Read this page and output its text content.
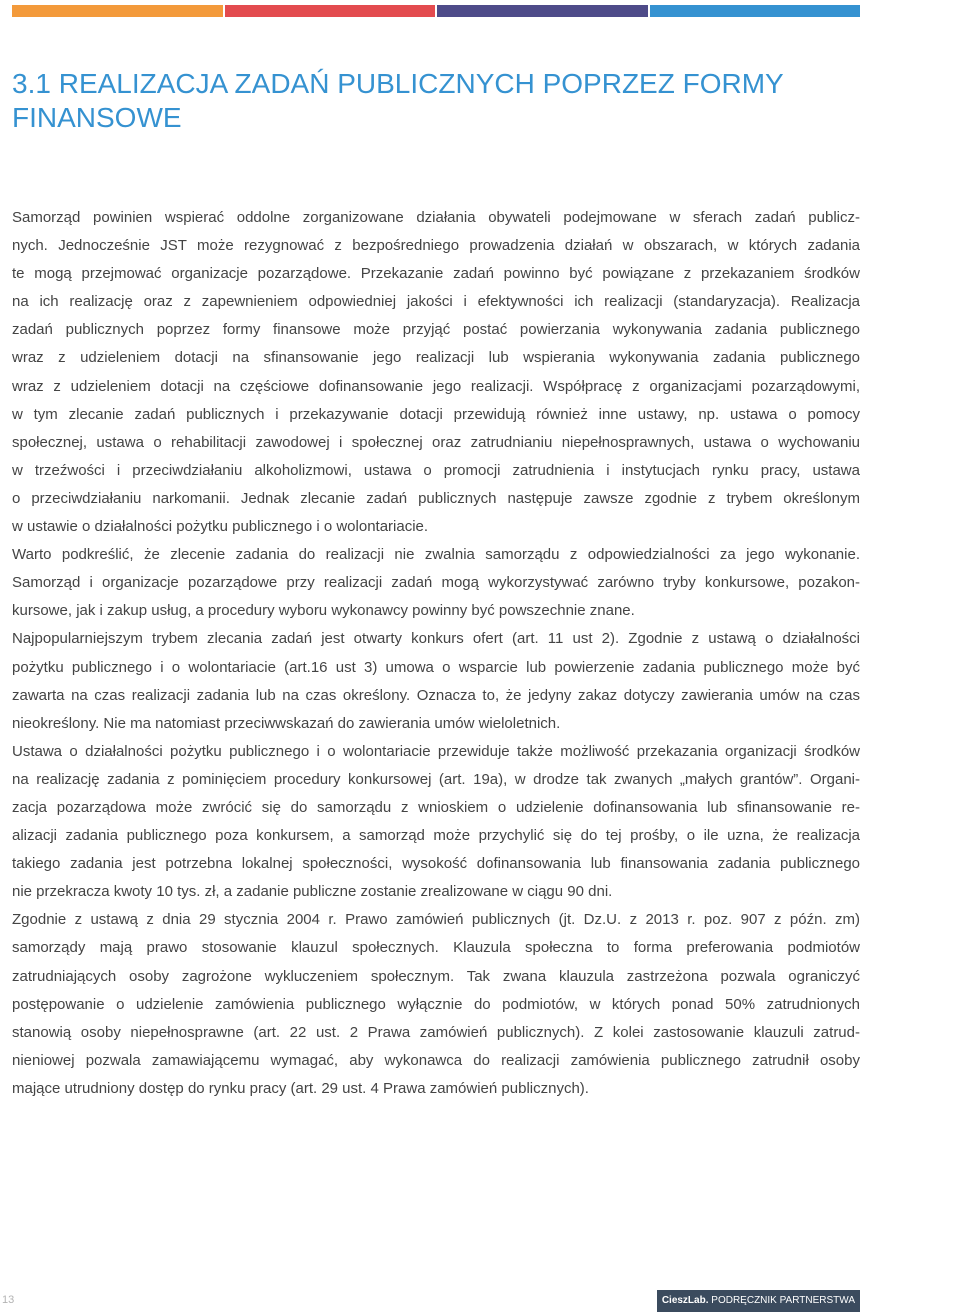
3.1 REALIZACJA ZADAŃ PUBLICZNYCH POPRZEZ FORMY FINANSOWE
Samorząd powinien wspierać oddolne zorganizowane działania obywateli podejmowane w sferach zadań publicz-
nych. Jednocześnie JST może rezygnować z bezpośredniego prowadzenia działań w obszarach, w których zadania
te mogą przejmować organizacje pozarządowe. Przekazanie zadań powinno być powiązane z przekazaniem środków
na ich realizację oraz z zapewnieniem odpowiedniej jakości i efektywności ich realizacji (standaryzacja). Realizacja
zadań publicznych poprzez formy finansowe może przyjąć postać powierzania wykonywania zadania publicznego
wraz z udzieleniem dotacji na sfinansowanie jego realizacji lub wspierania wykonywania zadania publicznego
wraz z udzieleniem dotacji na częściowe dofinansowanie jego realizacji. Współpracę z organizacjami pozarządowymi,
w tym zlecanie zadań publicznych i przekazywanie dotacji przewidują również inne ustawy, np. ustawa o pomocy
społecznej, ustawa o rehabilitacji zawodowej i społecznej oraz zatrudnianiu niepełnosprawnych, ustawa o wychowaniu
w trzeźwości i przeciwdziałaniu alkoholizmowi, ustawa o promocji zatrudnienia i instytucjach rynku pracy, ustawa
o przeciwdziałaniu narkomanii. Jednak zlecanie zadań publicznych następuje zawsze zgodnie z trybem określonym
w ustawie o działalności pożytku publicznego i o wolontariacie.
Warto podkreślić, że zlecenie zadania do realizacji nie zwalnia samorządu z odpowiedzialności za jego wykonanie.
Samorząd i organizacje pozarządowe przy realizacji zadań mogą wykorzystywać zarówno tryby konkursowe, pozakon-
kursowe, jak i zakup usług, a procedury wyboru wykonawcy powinny być powszechnie znane.
Najpopularniejszym trybem zlecania zadań jest otwarty konkurs ofert (art. 11 ust 2). Zgodnie z ustawą o działalności
pożytku publicznego i o wolontariacie (art.16 ust 3) umowa o wsparcie lub powierzenie zadania publicznego może być
zawarta na czas realizacji zadania lub na czas określony. Oznacza to, że jedyny zakaz dotyczy zawierania umów na czas
nieokreślony. Nie ma natomiast przeciwwskazań do zawierania umów wieloletnich.
Ustawa o działalności pożytku publicznego i o wolontariacie przewiduje także możliwość przekazania organizacji środków
na realizację zadania z pominięciem procedury konkursowej (art. 19a), w drodze tak zwanych „małych grantów”. Organi-
zacja pozarządowa może zwrócić się do samorządu z wnioskiem o udzielenie dofinansowania lub sfinansowanie re-
alizacji zadania publicznego poza konkursem, a samorząd może przychylić się do tej prośby, o ile uzna, że realizacja
takiego zadania jest potrzebna lokalnej społeczności, wysokość dofinansowania lub finansowania zadania publicznego
nie przekracza kwoty 10 tys. zł, a zadanie publiczne zostanie zrealizowane w ciągu 90 dni.
Zgodnie z ustawą z dnia 29 stycznia 2004 r. Prawo zamówień publicznych (jt. Dz.U. z 2013 r. poz. 907 z późn. zm)
samorządy mają prawo stosowanie klauzul społecznych. Klauzula społeczna to forma preferowania podmiotów
zatrudniających osoby zagrożone wykluczeniem społecznym. Tak zwana klauzula zastrzeżona pozwala ograniczyć
postępowanie o udzielenie zamówienia publicznego wyłącznie do podmiotów, w których ponad 50% zatrudnionych
stanowią osoby niepełnosprawne (art. 22 ust. 2 Prawa zamówień publicznych). Z kolei zastosowanie klauzuli zatrud-
nieniowej pozwala zamawiającemu wymagać, aby wykonawca do realizacji zamówienia publicznego zatrudnił osoby
mające utrudniony dostęp do rynku pracy (art. 29 ust. 4 Prawa zamówień publicznych).
13	CieszLab. PODRĘCZNIK PARTNERSTWA
